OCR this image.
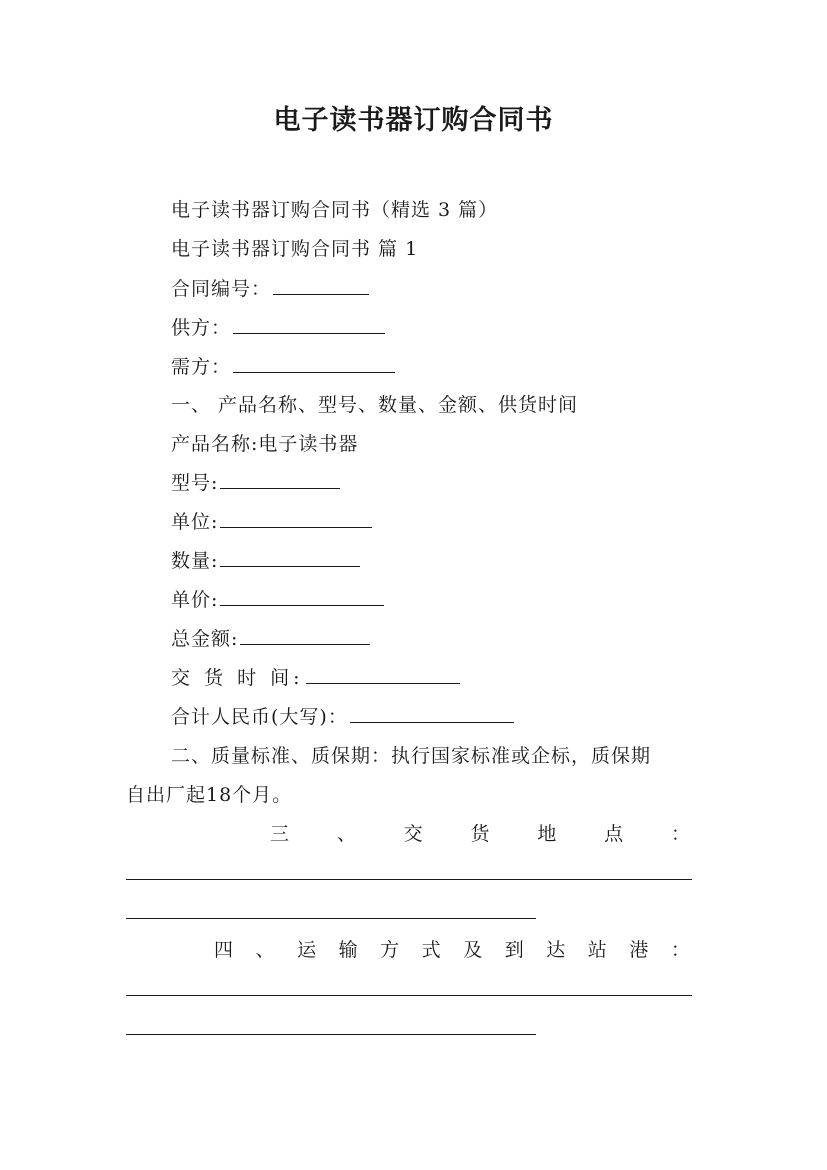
电子读书器订购合同书
电子读书器订购合同书（精选 3 篇）
电子读书器订购合同书 篇 1
合同编号：
供方：
需方：
一、 产品名称、型号、数量、金额、供货时间
产品名称:电子读书器
型号:
单位:
数量:
单价:
总金额:
交 货 时 间:
合计人民币(大写)：
二、质量标准、质保期：执行国家标准或企标，质保期
自出厂起18个月。
三	、	交	货	地	点	：
四 、 运 输 方 式 及 到 达 站 港 ：
